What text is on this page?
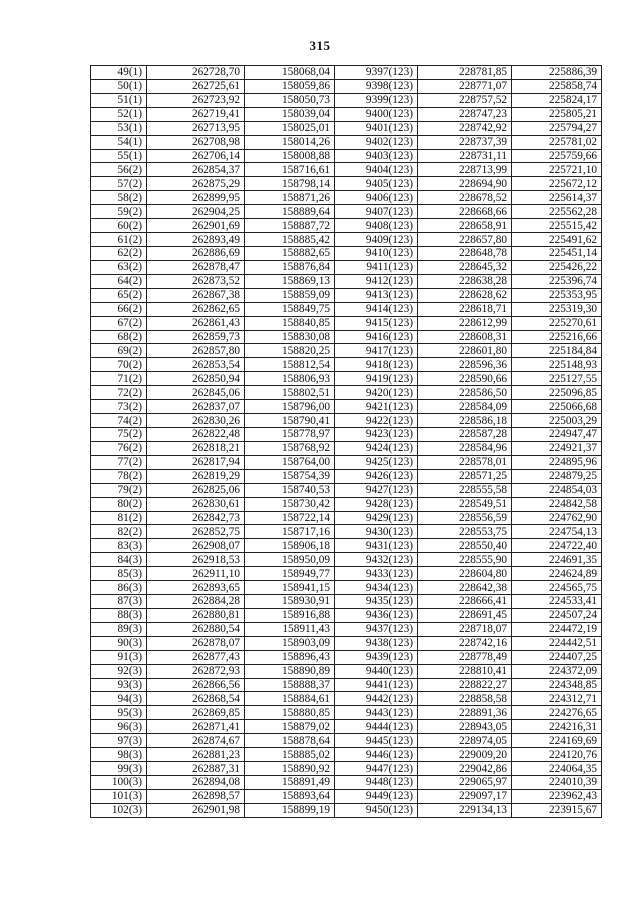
315
49(1)	262728,70	158068,04	9397(123)	228781,85	225886,39
50(1)	262725,61	158059,86	9398(123)	228771,07	225858,74
51(1)	262723,92	158050,73	9399(123)	228757,52	225824,17
52(1)	262719,41	158039,04	9400(123)	228747,23	225805,21
53(1)	262713,95	158025,01	9401(123)	228742,92	225794,27
54(1)	262708,98	158014,26	9402(123)	228737,39	225781,02
55(1)	262706,14	158008,88	9403(123)	228731,11	225759,66
56(2)	262854,37	158716,61	9404(123)	228713,99	225721,10
57(2)	262875,29	158798,14	9405(123)	228694,90	225672,12
58(2)	262899,95	158871,26	9406(123)	228678,52	225614,37
59(2)	262904,25	158889,64	9407(123)	228668,66	225562,28
60(2)	262901,69	158887,72	9408(123)	228658,91	225515,42
61(2)	262893,49	158885,42	9409(123)	228657,80	225491,62
62(2)	262886,69	158882,65	9410(123)	228648,78	225451,14
63(2)	262878,47	158876,84	9411(123)	228645,32	225426,22
64(2)	262873,52	158869,13	9412(123)	228638,28	225396,74
65(2)	262867,38	158859,09	9413(123)	228628,62	225353,95
66(2)	262862,65	158849,75	9414(123)	228618,71	225319,30
67(2)	262861,43	158840,85	9415(123)	228612,99	225270,61
68(2)	262859,73	158830,08	9416(123)	228608,31	225216,66
69(2)	262857,80	158820,25	9417(123)	228601,80	225184,84
70(2)	262853,54	158812,54	9418(123)	228596,36	225148,93
71(2)	262850,94	158806,93	9419(123)	228590,66	225127,55
72(2)	262845,06	158802,51	9420(123)	228586,50	225096,85
73(2)	262837,07	158796,00	9421(123)	228584,09	225066,68
74(2)	262830,26	158790,41	9422(123)	228586,18	225003,29
75(2)	262822,48	158778,97	9423(123)	228587,28	224947,47
76(2)	262818,21	158768,92	9424(123)	228584,96	224921,37
77(2)	262817,94	158764,00	9425(123)	228578,01	224895,96
78(2)	262819,29	158754,39	9426(123)	228571,25	224879,25
79(2)	262825,06	158740,53	9427(123)	228555,58	224854,03
80(2)	262830,61	158730,42	9428(123)	228549,51	224842,58
81(2)	262842,73	158722,14	9429(123)	228556,59	224762,90
82(2)	262852,75	158717,16	9430(123)	228553,75	224754,13
83(3)	262908,07	158906,18	9431(123)	228550,40	224722,40
84(3)	262918,53	158950,09	9432(123)	228555,90	224691,35
85(3)	262911,10	158949,77	9433(123)	228604,80	224624,89
86(3)	262893,65	158941,15	9434(123)	228642,38	224565,75
87(3)	262884,28	158930,91	9435(123)	228666,41	224533,41
88(3)	262880,81	158916,88	9436(123)	228691,45	224507,24
89(3)	262880,54	158911,43	9437(123)	228718,07	224472,19
90(3)	262878,07	158903,09	9438(123)	228742,16	224442,51
91(3)	262877,43	158896,43	9439(123)	228778,49	224407,25
92(3)	262872,93	158890,89	9440(123)	228810,41	224372,09
93(3)	262866,56	158888,37	9441(123)	228822,27	224348,85
94(3)	262868,54	158884,61	9442(123)	228858,58	224312,71
95(3)	262869,85	158880,85	9443(123)	228891,36	224276,65
96(3)	262871,41	158879,02	9444(123)	228943,05	224216,31
97(3)	262874,67	158878,64	9445(123)	228974,05	224169,69
98(3)	262881,23	158885,02	9446(123)	229009,20	224120,76
99(3)	262887,31	158890,92	9447(123)	229042,86	224064,35
100(3)	262894,08	158891,49	9448(123)	229065,97	224010,39
101(3)	262898,57	158893,64	9449(123)	229097,17	223962,43
102(3)	262901,98	158899,19	9450(123)	229134,13	223915,67
